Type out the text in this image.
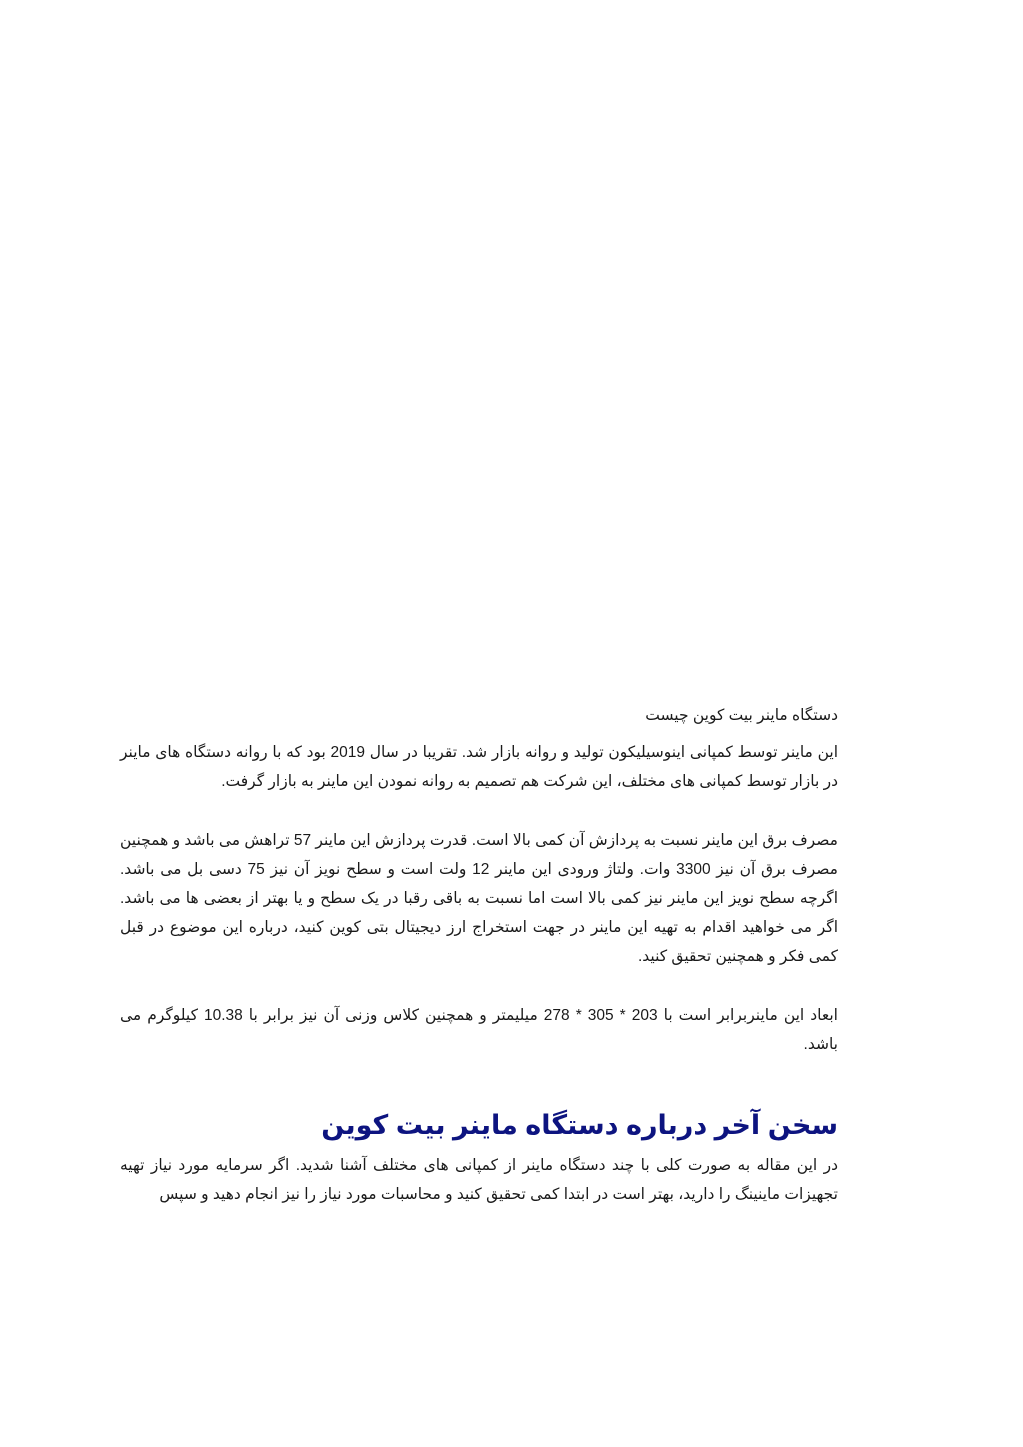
دستگاه ماینر بیت کوین چیست

این ماینر توسط کمپانی اینوسیلیکون تولید و روانه بازار شد. تقریبا در سال 2019 بود که با روانه دستگاه های ماینر در بازار توسط کمپانی های مختلف، این شرکت هم تصمیم به روانه نمودن این ماینر به بازار گرفت.

مصرف برق این ماینر نسبت به پردازش آن کمی بالا است. قدرت پردازش این ماینر 57 تراهش می باشد و همچنین مصرف برق آن نیز 3300 وات. ولتاژ ورودی این ماینر 12 ولت است و سطح نویز آن نیز 75 دسی بل می باشد. اگرچه سطح نویز این ماینر نیز کمی بالا است اما نسبت به باقی رقبا در یک سطح و یا بهتر از بعضی ها می باشد. اگر می خواهید اقدام به تهیه این ماینر در جهت استخراج ارز دیجیتال بتی کوین کنید، درباره این موضوع در قبل کمی فکر و همچنین تحقیق کنید.

ابعاد این ماینربرابر است با 203 * 305 * 278 میلیمتر و همچنین کلاس وزنی آن نیز برابر با 10.38 کیلوگرم می باشد.

سخن آخر درباره دستگاه ماینر بیت کوین

در این مقاله به صورت کلی با چند دستگاه ماینر از کمپانی های مختلف آشنا شدید. اگر سرمایه مورد نیاز تهیه تجهیزات ماینینگ را دارید، بهتر است در ابتدا کمی تحقیق کنید و محاسبات مورد نیاز را نیز انجام دهید و سپس
